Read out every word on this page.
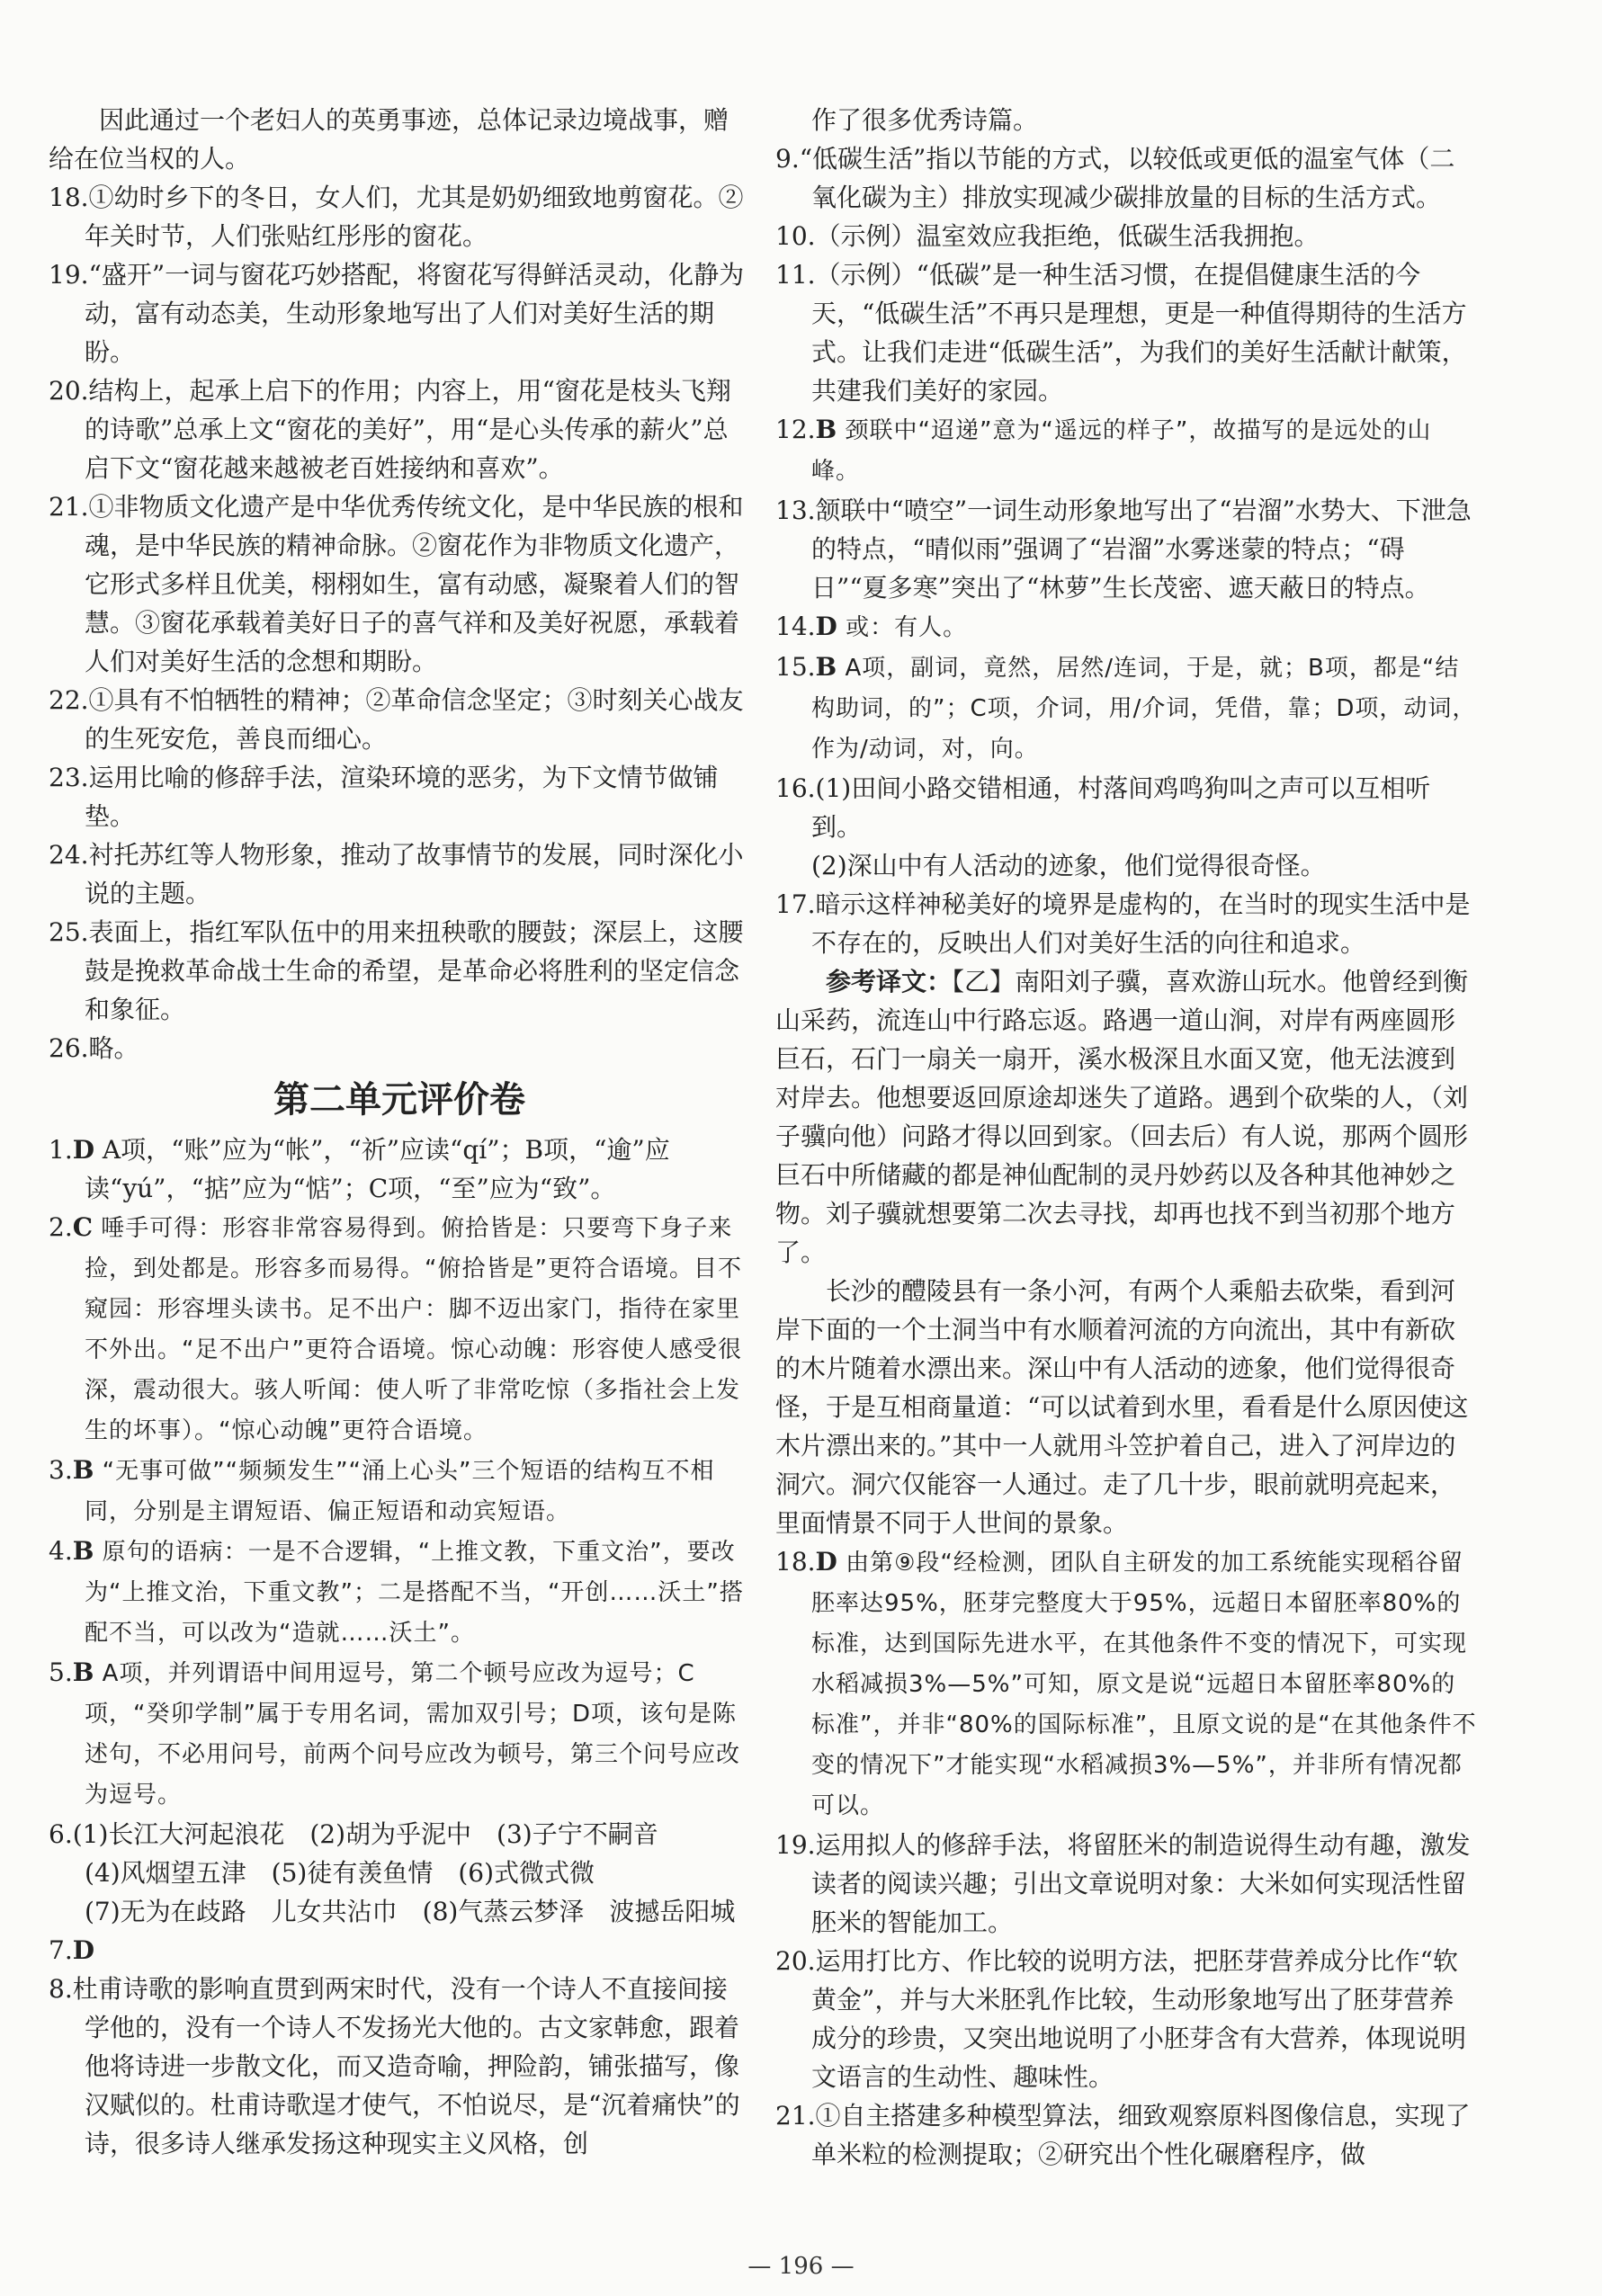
因此通过一个老妇人的英勇事迹，总体记录边境战事，赠给在位当权的人。

18.①幼时乡下的冬日，女人们，尤其是奶奶细致地剪窗花。②年关时节，人们张贴红彤彤的窗花。

19.“盛开”一词与窗花巧妙搭配，将窗花写得鲜活灵动，化静为动，富有动态美，生动形象地写出了人们对美好生活的期盼。

20.结构上，起承上启下的作用；内容上，用“窗花是枝头飞翔的诗歌”总承上文“窗花的美好”，用“是心头传承的薪火”总启下文“窗花越来越被老百姓接纳和喜欢”。

21.①非物质文化遗产是中华优秀传统文化，是中华民族的根和魂，是中华民族的精神命脉。②窗花作为非物质文化遗产，它形式多样且优美，栩栩如生，富有动感，凝聚着人们的智慧。③窗花承载着美好日子的喜气祥和及美好祝愿，承载着人们对美好生活的念想和期盼。

22.①具有不怕牺牲的精神；②革命信念坚定；③时刻关心战友的生死安危，善良而细心。

23.运用比喻的修辞手法，渲染环境的恶劣，为下文情节做铺垫。

24.衬托苏红等人物形象，推动了故事情节的发展，同时深化小说的主题。

25.表面上，指红军队伍中的用来扭秧歌的腰鼓；深层上，这腰鼓是挽救革命战士生命的希望，是革命必将胜利的坚定信念和象征。

26.略。

第二单元评价卷

1.D A项，“账”应为“帐”，“祈”应读“qí”；B项，“逾”应读“yú”，“掂”应为“惦”；C项，“至”应为“致”。

2.C 唾手可得：形容非常容易得到。俯拾皆是：只要弯下身子来捡，到处都是。形容多而易得。“俯拾皆是”更符合语境。目不窥园：形容埋头读书。足不出户：脚不迈出家门，指待在家里不外出。“足不出户”更符合语境。惊心动魄：形容使人感受很深，震动很大。骇人听闻：使人听了非常吃惊（多指社会上发生的坏事）。“惊心动魄”更符合语境。

3.B “无事可做”“频频发生”“涌上心头”三个短语的结构互不相同，分别是主谓短语、偏正短语和动宾短语。

4.B 原句的语病：一是不合逻辑，“上推文教，下重文治”，要改为“上推文治，下重文教”；二是搭配不当，“开创……沃土”搭配不当，可以改为“造就……沃土”。

5.B A项，并列谓语中间用逗号，第二个顿号应改为逗号；C项，“癸卯学制”属于专用名词，需加双引号；D项，该句是陈述句，不必用问号，前两个问号应改为顿号，第三个问号应改为逗号。

6.(1)长江大河起浪花　(2)胡为乎泥中　(3)子宁不嗣音

(4)风烟望五津　(5)徒有羡鱼情　(6)式微式微

(7)无为在歧路　儿女共沾巾　(8)气蒸云梦泽　波撼岳阳城

7.D

8.杜甫诗歌的影响直贯到两宋时代，没有一个诗人不直接间接学他的，没有一个诗人不发扬光大他的。古文家韩愈，跟着他将诗进一步散文化，而又造奇喻，押险韵，铺张描写，像汉赋似的。杜甫诗歌逞才使气，不怕说尽，是“沉着痛快”的诗，很多诗人继承发扬这种现实主义风格，创

作了很多优秀诗篇。

9.“低碳生活”指以节能的方式，以较低或更低的温室气体（二氧化碳为主）排放实现减少碳排放量的目标的生活方式。

10.（示例）温室效应我拒绝，低碳生活我拥抱。

11.（示例）“低碳”是一种生活习惯，在提倡健康生活的今天，“低碳生活”不再只是理想，更是一种值得期待的生活方式。让我们走进“低碳生活”，为我们的美好生活献计献策，共建我们美好的家园。

12.B 颈联中“迢递”意为“遥远的样子”，故描写的是远处的山峰。

13.颔联中“喷空”一词生动形象地写出了“岩溜”水势大、下泄急的特点，“晴似雨”强调了“岩溜”水雾迷蒙的特点；“碍日”“夏多寒”突出了“林萝”生长茂密、遮天蔽日的特点。

14.D 或：有人。

15.B A项，副词，竟然，居然/连词，于是，就；B项，都是“结构助词，的”；C项，介词，用/介词，凭借，靠；D项，动词，作为/动词，对，向。

16.(1)田间小路交错相通，村落间鸡鸣狗叫之声可以互相听到。

(2)深山中有人活动的迹象，他们觉得很奇怪。

17.暗示这样神秘美好的境界是虚构的，在当时的现实生活中是不存在的，反映出人们对美好生活的向往和追求。

参考译文：【乙】南阳刘子骥，喜欢游山玩水。他曾经到衡山采药，流连山中行路忘返。路遇一道山涧，对岸有两座圆形巨石，石门一扇关一扇开，溪水极深且水面又宽，他无法渡到对岸去。他想要返回原途却迷失了道路。遇到个砍柴的人，（刘子骥向他）问路才得以回到家。（回去后）有人说，那两个圆形巨石中所储藏的都是神仙配制的灵丹妙药以及各种其他神妙之物。刘子骥就想要第二次去寻找，却再也找不到当初那个地方了。

长沙的醴陵县有一条小河，有两个人乘船去砍柴，看到河岸下面的一个土洞当中有水顺着河流的方向流出，其中有新砍的木片随着水漂出来。深山中有人活动的迹象，他们觉得很奇怪，于是互相商量道：“可以试着到水里，看看是什么原因使这木片漂出来的。”其中一人就用斗笠护着自己，进入了河岸边的洞穴。洞穴仅能容一人通过。走了几十步，眼前就明亮起来，里面情景不同于人世间的景象。

18.D 由第⑨段“经检测，团队自主研发的加工系统能实现稻谷留胚率达95%，胚芽完整度大于95%，远超日本留胚率80%的标准，达到国际先进水平，在其他条件不变的情况下，可实现水稻减损3%—5%”可知，原文是说“远超日本留胚率80%的标准”，并非“80%的国际标准”，且原文说的是“在其他条件不变的情况下”才能实现“水稻减损3%—5%”，并非所有情况都可以。

19.运用拟人的修辞手法，将留胚米的制造说得生动有趣，激发读者的阅读兴趣；引出文章说明对象：大米如何实现活性留胚米的智能加工。

20.运用打比方、作比较的说明方法，把胚芽营养成分比作“软黄金”，并与大米胚乳作比较，生动形象地写出了胚芽营养成分的珍贵，又突出地说明了小胚芽含有大营养，体现说明文语言的生动性、趣味性。

21.①自主搭建多种模型算法，细致观察原料图像信息，实现了单米粒的检测提取；②研究出个性化碾磨程序，做

— 196 —
